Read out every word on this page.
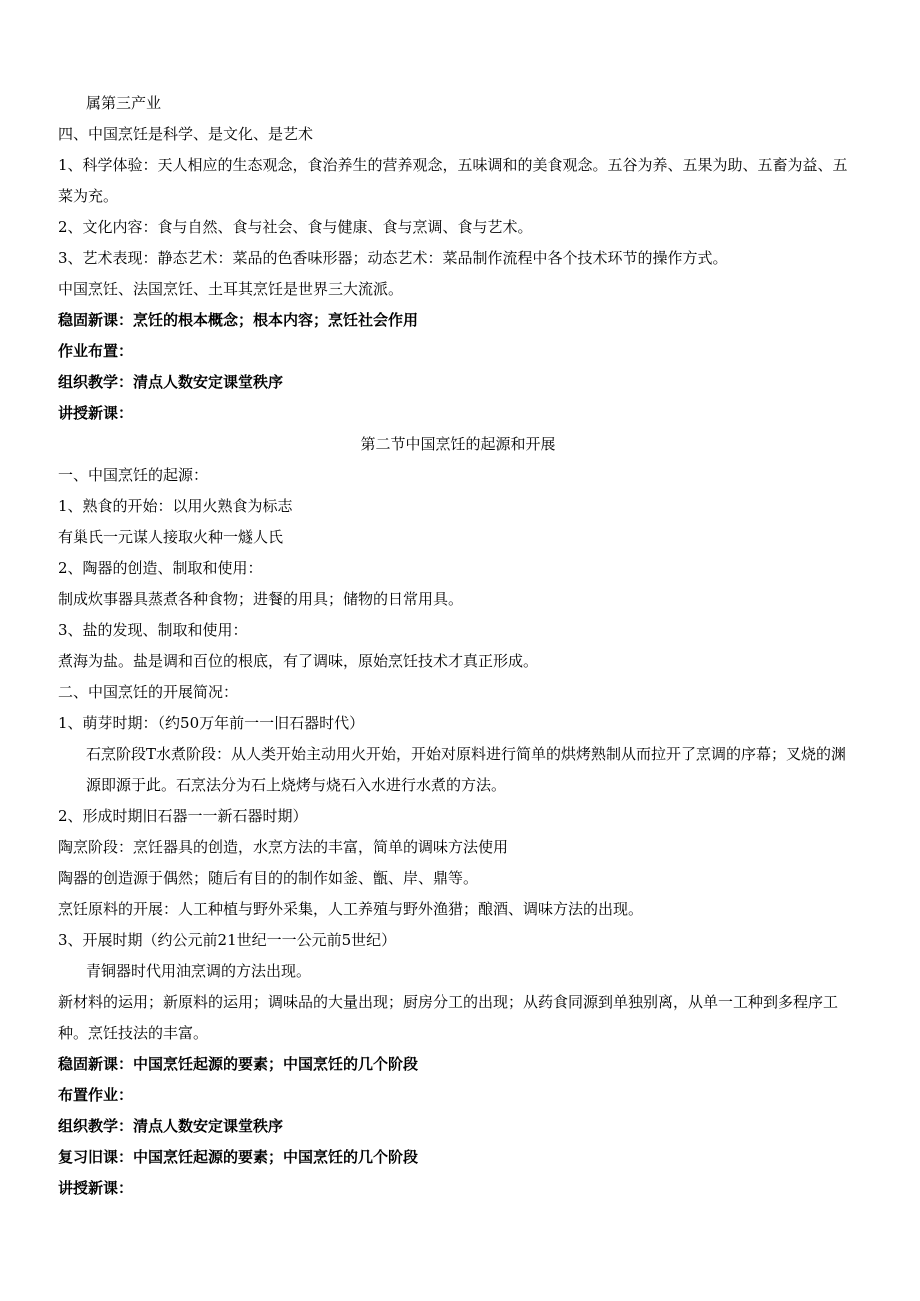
属第三产业
四、中国烹饪是科学、是文化、是艺术
1、科学体验：天人相应的生态观念，食治养生的营养观念，五味调和的美食观念。五谷为养、五果为助、五畜为益、五菜为充。
2、文化内容：食与自然、食与社会、食与健康、食与烹调、食与艺术。
3、艺术表现：静态艺术：菜品的色香味形器；动态艺术：菜品制作流程中各个技术环节的操作方式。
中国烹饪、法国烹饪、土耳其烹饪是世界三大流派。
稳固新课：烹饪的根本概念；根本内容；烹饪社会作用
作业布置：
组织教学：清点人数安定课堂秩序
讲授新课：
第二节中国烹饪的起源和开展
一、中国烹饪的起源：
1、熟食的开始：以用火熟食为标志
有巢氏一元谋人接取火种一燧人氏
2、陶器的创造、制取和使用：
制成炊事器具蒸煮各种食物；进餐的用具；储物的日常用具。
3、盐的发现、制取和使用：
煮海为盐。盐是调和百位的根底，有了调味，原始烹饪技术才真正形成。
二、中国烹饪的开展简况：
1、萌芽时期：（约50万年前一一旧石器时代）
石烹阶段T水煮阶段：从人类开始主动用火开始，开始对原料进行简单的烘烤熟制从而拉开了烹调的序幕；叉烧的渊源即源于此。石烹法分为石上烧烤与烧石入水进行水煮的方法。
2、形成时期旧石器一一新石器时期）
陶烹阶段：烹饪器具的创造，水烹方法的丰富，简单的调味方法使用
陶器的创造源于偶然；随后有目的的制作如釜、甑、岸、鼎等。
烹饪原料的开展：人工种植与野外采集，人工养殖与野外渔猎；酿酒、调味方法的出现。
3、开展时期（约公元前21世纪一一公元前5世纪）
青铜器时代用油烹调的方法出现。
新材料的运用；新原料的运用；调味品的大量出现；厨房分工的出现；从药食同源到单独别离，从单一工种到多程序工种。烹饪技法的丰富。
稳固新课：中国烹饪起源的要素；中国烹饪的几个阶段
布置作业：
组织教学：清点人数安定课堂秩序
复习旧课：中国烹饪起源的要素；中国烹饪的几个阶段
讲授新课：
